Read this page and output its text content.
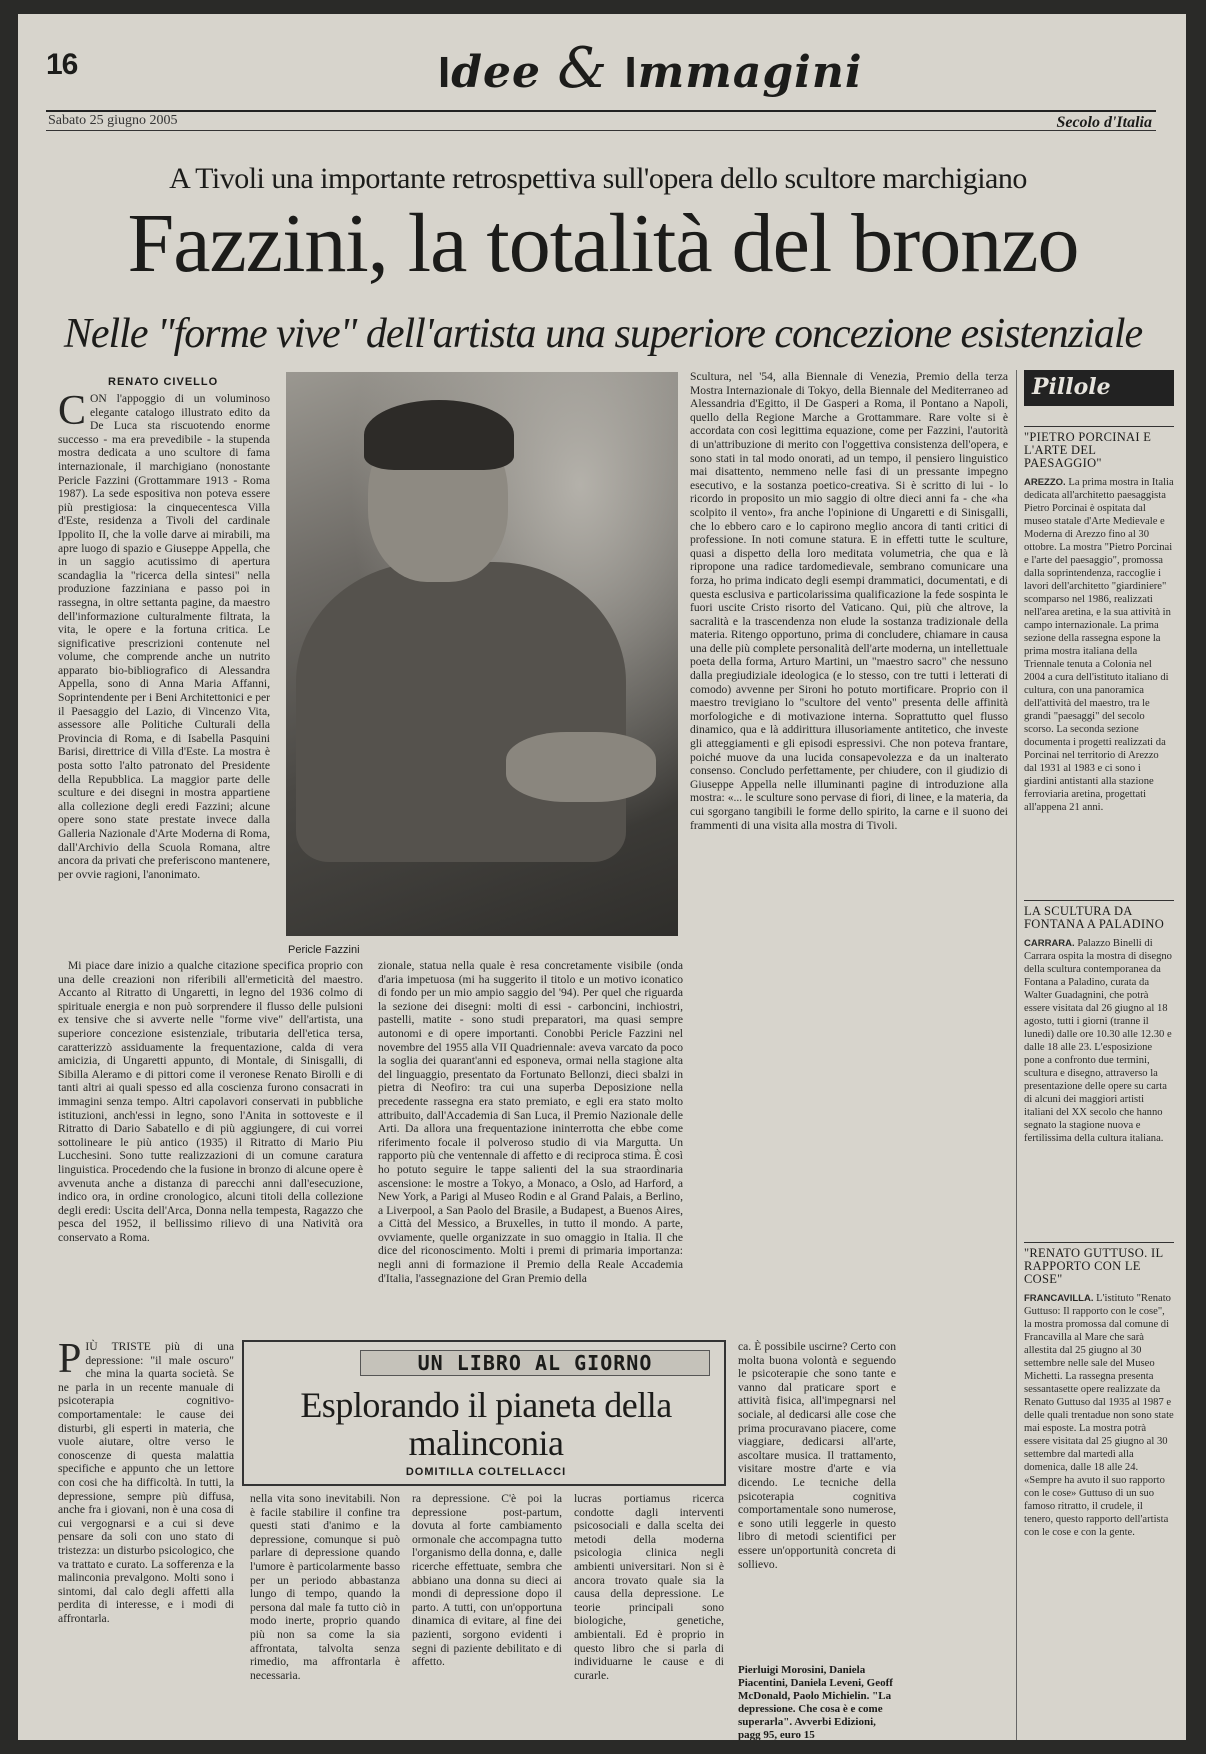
16	Idee & Immagini
Sabato 25 giugno 2005	Secolo d'Italia
A Tivoli una importante retrospettiva sull'opera dello scultore marchigiano
Fazzini, la totalità del bronzo
Nelle "forme vive" dell'artista una superiore concezione esistenziale
RENATO CIVELLO

CON l'appoggio di un voluminoso elegante catalogo illustrato edito da De Luca sta riscuotendo enorme successo - ma era prevedibile - la stupenda mostra dedicata a uno scultore di fama internazionale, il marchigiano (nonostante Pericle Fazzini (Grottammare 1913 - Roma 1987). La sede espositiva non poteva essere più prestigiosa: la cinquecentesca Villa d'Este, residenza a Tivoli del cardinale Ippolito II, che la volle darve ai mirabili, ma apre luogo di spazio e Giuseppe Appella, che in un saggio acutissimo di apertura scandaglia la "ricerca della sintesi" nella produzione fazziniana e passo poi in rassegna, in oltre settanta pagine, da maestro dell'informazione culturalmente filtrata, la vita, le opere e la fortuna critica. Le significative prescrizioni contenute nel volume, che comprende anche un nutrito apparato bio-bibliografico di Alessandra Appella, sono di Anna Maria Affanni, Soprintendente per i Beni Architettonici e per il Paesaggio del Lazio, di Vincenzo Vita, assessore alle Politiche Culturali della Provincia di Roma, e di Isabella Pasquini Barisi, direttrice di Villa d'Este. La mostra è posta sotto l'alto patronato del Presidente della Repubblica. La maggior parte delle sculture e dei disegni in mostra appartiene alla collezione degli eredi Fazzini; alcune opere sono state prestate invece dalla Galleria Nazionale d'Arte Moderna di Roma, dall'Archivio della Scuola Romana, altre ancora da privati che preferiscono mantenere, per ovvie ragioni, l'anonimato.

Pericle Fazzini

Mi piace dare inizio a qualche citazione specifica proprio con una delle creazioni non riferibili all'ermeticità del maestro. Accanto al Ritratto di Ungaretti, in legno del 1936 colmo di spirituale energia e non può sorprendere il flusso delle pulsioni ex tensive che si avverte nelle "forme vive" dell'artista, una superiore concezione esistenziale, tributaria dell'etica tersa, caratterizzò assiduamente la frequentazione, calda di vera amicizia, di Ungaretti appunto, di Montale, di Sinisgalli, di Sibilla Aleramo e di pittori come il veronese Renato Birolli e di tanti altri ai quali spesso ed alla coscienza furono consacrati in immagini senza tempo. Altri capolavori conservati in pubbliche istituzioni, anch'essi in legno, sono l'Anita in sottoveste e il Ritratto di Dario Sabatello e di più aggiungere, di cui vorrei sottolineare le più antico (1935) il Ritratto di Mario Piu Lucchesini. Sono tutte realizzazioni di un comune caratura linguistica. Procedendo che la fusione in bronzo di alcune opere è avvenuta anche a distanza di parecchi anni dall'esecuzione, indico ora, in ordine cronologico, alcuni titoli della collezione degli eredi: Uscita dell'Arca, Donna nella tempesta, Ragazzo che pesca del 1952, il bellissimo rilievo di una Natività ora conservato a Roma.

zionale, statua nella quale è resa concretamente visibile (onda d'aria impetuosa (mi ha suggerito il titolo e un motivo iconatico di fondo per un mio ampio saggio del '94). Per quel che riguarda la sezione dei disegni: molti di essi - carboncini, inchiostri, pastelli, matite - sono studi preparatori, ma quasi sempre autonomi e di opere importanti. Conobbi Pericle Fazzini nel novembre del 1955 alla VII Quadriennale: aveva varcato da poco la soglia dei quarant'anni ed esponeva, ormai nella stagione alta del linguaggio, presentato da Fortunato Bellonzi, dieci sbalzi in pietra di Neofiro: tra cui una superba Deposizione nella precedente rassegna era stato premiato, e egli era stato molto attribuito, dall'Accademia di San Luca, il Premio Nazionale delle Arti. Da allora una frequentazione ininterrotta che ebbe come riferimento focale il polveroso studio di via Margutta. Un rapporto più che ventennale di affetto e di reciproca stima. È così ho potuto seguire le tappe salienti del la sua straordinaria ascensione: le mostre a Tokyo, a Monaco, a Oslo, ad Harford, a New York, a Parigi al Museo Rodin e al Grand Palais, a Berlino, a Liverpool, a San Paolo del Brasile, a Budapest, a Buenos Aires, a Città del Messico, a Bruxelles, in tutto il mondo. A parte, ovviamente, quelle organizzate in suo omaggio in Italia. Il che dice del riconoscimento. Molti i premi di primaria importanza: negli anni di formazione il Premio della Reale Accademia d'Italia, l'assegnazione del Gran Premio della

Scultura, nel '54, alla Biennale di Venezia, Premio della terza Mostra Internazionale di Tokyo, della Biennale del Mediterraneo ad Alessandria d'Egitto, il De Gasperi a Roma, il Pontano a Napoli, quello della Regione Marche a Grottammare. Rare volte si è accordata con così legittima equazione, come per Fazzini, l'autorità di un'attribuzione di merito con l'oggettiva consistenza dell'opera, e sono stati in tal modo onorati, ad un tempo, il pensiero linguistico mai disattento, nemmeno nelle fasi di un pressante impegno esecutivo, e la sostanza poetico-creativa. Si è scritto di lui - lo ricordo in proposito un mio saggio di oltre dieci anni fa - che «ha scolpito il vento», fra anche l'opinione di Ungaretti e di Sinisgalli, che lo ebbero caro e lo capirono meglio ancora di tanti critici di professione. In noti comune statura. E in effetti tutte le sculture, quasi a dispetto della loro meditata volumetria, che qua e là ripropone una radice tardomedievale, sembrano comunicare una forza, ho prima indicato degli esempi drammatici, documentati, e di questa esclusiva e particolarissima qualificazione la fede sospinta le fuori uscite Cristo risorto del Vaticano. Qui, più che altrove, la sacralità e la trascendenza non elude la sostanza tradizionale della materia. Ritengo opportuno, prima di concludere, chiamare in causa una delle più complete personalità dell'arte moderna, un intellettuale poeta della forma, Arturo Martini, un "maestro sacro" che nessuno dalla pregiudiziale ideologica (e lo stesso, con tre tutti i letterati di comodo) avvenne per Sironi ho potuto mortificare. Proprio con il maestro trevigiano lo "scultore del vento" presenta delle affinità morfologiche e di motivazione interna. Soprattutto quel flusso dinamico, qua e là addirittura illusoriamente antitetico, che investe gli atteggiamenti e gli episodi espressivi. Che non poteva frantare, poiché muove da una lucida consapevolezza e da un inalterato consenso. Concludo perfettamente, per chiudere, con il giudizio di Giuseppe Appella nelle illuminanti pagine di introduzione alla mostra: «... le sculture sono pervase di fiori, di linee, e la materia, da cui sgorgano tangibili le forme dello spirito, la carne e il suono dei frammenti di una visita alla mostra di Tivoli.

Pillole
"PIETRO PORCINAI E L'ARTE DEL PAESAGGIO"
AREZZO. La prima mostra in Italia dedicata all'architetto paesaggista Pietro Porcinai è ospitata dal museo statale d'Arte Medievale e Moderna di Arezzo fino al 30 ottobre. La mostra "Pietro Porcinai e l'arte del paesaggio", promossa dalla soprintendenza, raccoglie i lavori dell'architetto "giardiniere" scomparso nel 1986, realizzati nell'area aretina, e la sua attività in campo internazionale. La prima sezione della rassegna espone la prima mostra italiana della Triennale tenuta a Colonia nel 2004 a cura dell'istituto italiano di cultura, con una panoramica dell'attività del maestro, tra le grandi "paesaggi" del secolo scorso. La seconda sezione documenta i progetti realizzati da Porcinai nel territorio di Arezzo dal 1931 al 1983 e ci sono i giardini antistanti alla stazione ferroviaria aretina, progettati all'appena 21 anni.
LA SCULTURA DA FONTANA A PALADINO
CARRARA. Palazzo Binelli di Carrara ospita la mostra di disegno della scultura contemporanea da Fontana a Paladino, curata da Walter Guadagnini, che potrà essere visitata dal 26 giugno al 18 agosto, tutti i giorni (tranne il lunedì) dalle ore 10.30 alle 12.30 e dalle 18 alle 23. L'esposizione pone a confronto due termini, scultura e disegno, attraverso la presentazione delle opere su carta di alcuni dei maggiori artisti italiani del XX secolo che hanno segnato la stagione nuova e fertilissima della cultura italiana.
"RENATO GUTTUSO. IL RAPPORTO CON LE COSE"
FRANCAVILLA. L'istituto "Renato Guttuso: Il rapporto con le cose", la mostra promossa dal comune di Francavilla al Mare che sarà allestita dal 25 giugno al 30 settembre nelle sale del Museo Michetti. La rassegna presenta sessantasette opere realizzate da Renato Guttuso dal 1935 al 1987 e delle quali trentadue non sono state mai esposte. La mostra potrà essere visitata dal 25 giugno al 30 settembre dal martedì alla domenica, dalle 18 alle 24. «Sempre ha avuto il suo rapporto con le cose» Guttuso di un suo famoso ritratto, il crudele, il tenero, questo rapporto dell'artista con le cose e con la gente.
UN LIBRO AL GIORNO
Esplorando il pianeta della malinconia
DOMITILLA COLTELLACCI

PIÙ TRISTE più di una depressione: "il male oscuro" che mina la quarta società. Se ne parla in un recente manuale di psicoterapia cognitivo-comportamentale: le cause dei disturbi, gli esperti in materia, che vuole aiutare, oltre verso le conoscenze di questa malattia specifiche e appunto che un lettore con cosi che ha difficoltà. In tutti, la depressione, sempre più diffusa, anche fra i giovani, non è una cosa di cui vergognarsi e a cui si deve pensare da soli con uno stato di tristezza: un disturbo psicologico, che va trattato e curato. La sofferenza e la malinconia prevalgono. Molti sono i sintomi, dal calo degli affetti alla perdita di interesse, e i modi di affrontarla.

nella vita sono inevitabili. Non è facile stabilire il confine tra questi stati d'animo e la depressione, comunque si può parlare di depressione quando l'umore è particolarmente basso per un periodo abbastanza lungo di tempo, quando la persona dal male fa tutto ciò in modo inerte, proprio quando più non sa come la sia affrontata, talvolta senza rimedio, ma affrontarla è necessaria.

ra depressione. C'è poi la depressione post-partum, dovuta al forte cambiamento ormonale che accompagna tutto l'organismo della donna, e, dalle ricerche effettuate, sembra che abbiano una donna su dieci ai mondi di depressione dopo il parto. A tutti, con un'opportuna dinamica di evitare, al fine dei pazienti, sorgono evidenti i segni di paziente debilitato e di affetto.

lucras portiamus ricerca condotte dagli interventi psicosociali e dalla scelta dei metodi della moderna psicologia clinica negli ambienti universitari. Non si è ancora trovato quale sia la causa della depressione. Le teorie principali sono biologiche, genetiche, ambientali. Ed è proprio in questo libro che si parla di individuarne le cause e di curarle.

ca. È possibile uscirne? Certo con molta buona volontà e seguendo le psicoterapie che sono tante e vanno dal praticare sport e attività fisica, all'impegnarsi nel sociale, al dedicarsi alle cose che prima procuravano piacere, come viaggiare, dedicarsi all'arte, ascoltare musica. Il trattamento, visitare mostre d'arte e via dicendo. Le tecniche della psicoterapia cognitiva comportamentale sono numerose, e sono utili leggerle in questo libro di metodi scientifici per essere un'opportunità concreta di sollievo.

Pierluigi Morosini, Daniela Piacentini, Daniela Leveni, Geoff McDonald, Paolo Michielin. "La depressione. Che cosa è e come superarla". Avverbi Edizioni, pagg 95, euro 15
